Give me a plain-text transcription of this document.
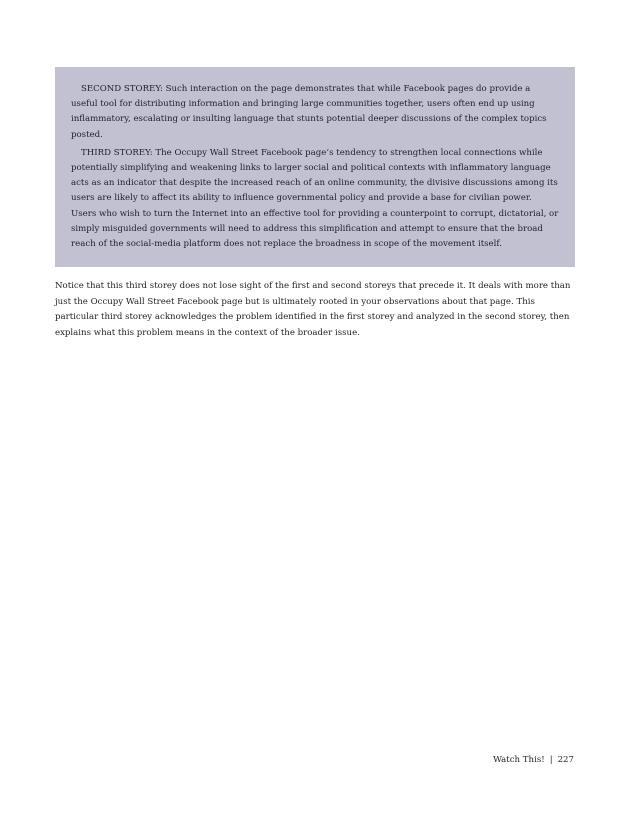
SECOND STOREY: Such interaction on the page demonstrates that while Facebook pages do provide a useful tool for distributing information and bringing large communities together, users often end up using inflammatory, escalating or insulting language that stunts potential deeper discussions of the complex topics posted.

THIRD STOREY: The Occupy Wall Street Facebook page’s tendency to strengthen local connections while potentially simplifying and weakening links to larger social and political contexts with inflammatory language acts as an indicator that despite the increased reach of an online community, the divisive discussions among its users are likely to affect its ability to influence governmental policy and provide a base for civilian power. Users who wish to turn the Internet into an effective tool for providing a counterpoint to corrupt, dictatorial, or simply misguided governments will need to address this simplification and attempt to ensure that the broad reach of the social-media platform does not replace the broadness in scope of the movement itself.

Notice that this third storey does not lose sight of the first and second storeys that precede it. It deals with more than just the Occupy Wall Street Facebook page but is ultimately rooted in your observations about that page. This particular third storey acknowledges the problem identified in the first storey and analyzed in the second storey, then explains what this problem means in the context of the broader issue.

Watch This! | 227
